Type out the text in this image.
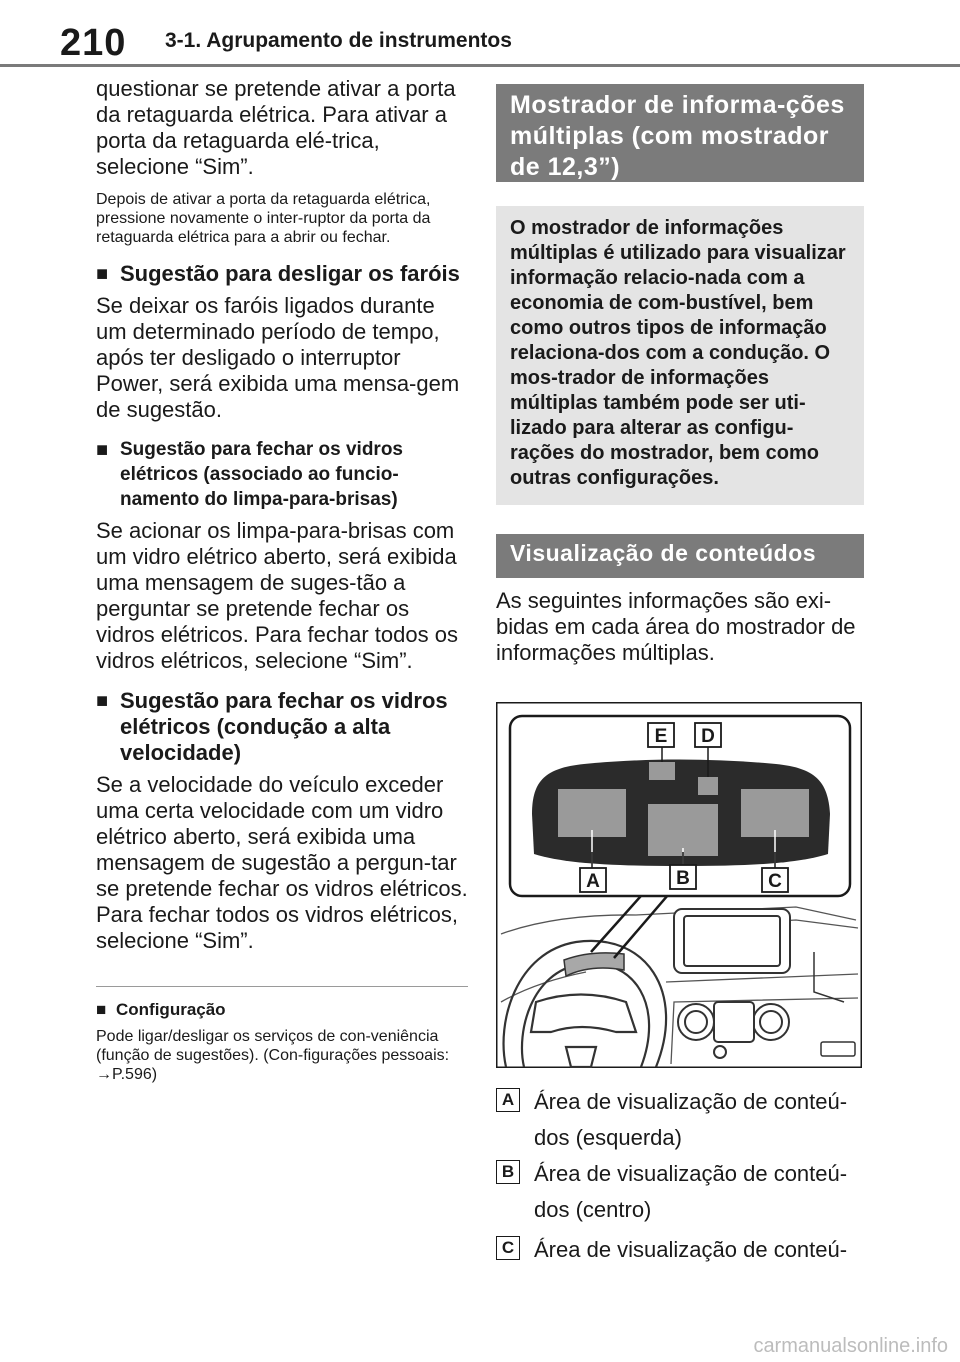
210 3-1. Agrupamento de instrumentos

questionar se pretende ativar a porta da retaguarda elétrica. Para ativar a porta da retaguarda elé-trica, selecione “Sim”.

Depois de ativar a porta da retaguarda elétrica, pressione novamente o inter-ruptor da porta da retaguarda elétrica para a abrir ou fechar.

■ Sugestão para desligar os faróis

Se deixar os faróis ligados durante um determinado período de tempo, após ter desligado o interruptor Power, será exibida uma mensa-gem de sugestão.

■ Sugestão para fechar os vidros elétricos (associado ao funcio-namento do limpa-para-brisas)

Se acionar os limpa-para-brisas com um vidro elétrico aberto, será exibida uma mensagem de suges-tão a perguntar se pretende fechar os vidros elétricos. Para fechar todos os vidros elétricos, selecione “Sim”.

■ Sugestão para fechar os vidros elétricos (condução a alta velocidade)

Se a velocidade do veículo exceder uma certa velocidade com um vidro elétrico aberto, será exibida uma mensagem de sugestão a pergun-tar se pretende fechar os vidros elétricos. Para fechar todos os vidros elétricos, selecione “Sim”.

■ Configuração

Pode ligar/desligar os serviços de con-veniência (função de sugestões). (Con-figurações pessoais: →P.596)

Mostrador de informa-ções múltiplas (com mostrador de 12,3”)

O mostrador de informações múltiplas é utilizado para visualizar informação relacio-nada com a economia de com-bustível, bem como outros tipos de informação relaciona-dos com a condução. O mos-trador de informações múltiplas também pode ser uti-lizado para alterar as configu-rações do mostrador, bem como outras configurações.

Visualização de conteúdos

As seguintes informações são exi-bidas em cada área do mostrador de informações múltiplas.

A	B	C
E D
A Área de visualização de conteú-dos (esquerda)
B Área de visualização de conteú-dos (centro)
C Área de visualização de conteú-
carmanualsonline.info
